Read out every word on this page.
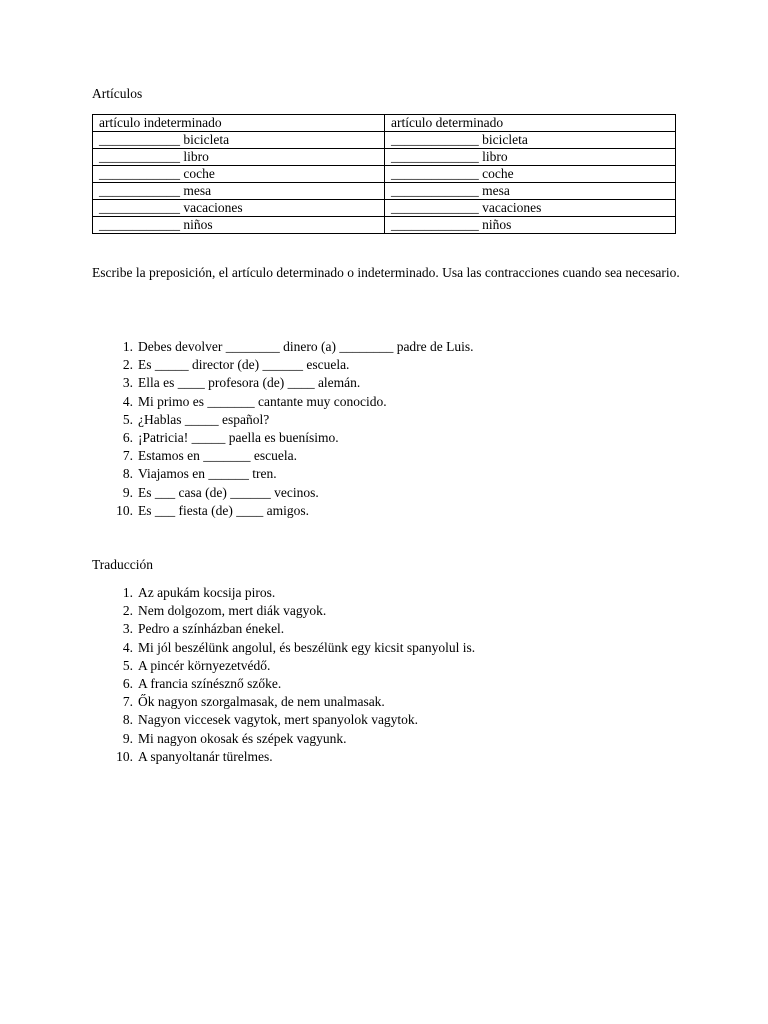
Artículos
artículo indeterminado	artículo determinado
____________ bicicleta	_____________ bicicleta
____________ libro	_____________ libro
____________ coche	_____________ coche
____________ mesa	_____________ mesa
____________ vacaciones	_____________ vacaciones
____________ niños	_____________ niños
Escribe la preposición, el artículo determinado o indeterminado. Usa las contracciones cuando sea necesario.
1. Debes devolver ________ dinero (a) ________ padre de Luis.
2. Es _____ director (de) ______ escuela.
3. Ella es ____ profesora (de) ____ alemán.
4. Mi primo es _______ cantante muy conocido.
5. ¿Hablas _____ español?
6. ¡Patricia! _____ paella es buenísimo.
7. Estamos en _______ escuela.
8. Viajamos en ______ tren.
9. Es ___ casa (de) ______ vecinos.
10. Es ___ fiesta (de) ____ amigos.
Traducción
1. Az apukám kocsija piros.
2. Nem dolgozom, mert diák vagyok.
3. Pedro a színházban énekel.
4. Mi jól beszélünk angolul, és beszélünk egy kicsit spanyolul is.
5. A pincér környezetvédő.
6. A francia színésznő szőke.
7. Ők nagyon szorgalmasak, de nem unalmasak.
8. Nagyon viccesek vagytok, mert spanyolok vagytok.
9. Mi nagyon okosak és szépek vagyunk.
10. A spanyoltanár türelmes.
